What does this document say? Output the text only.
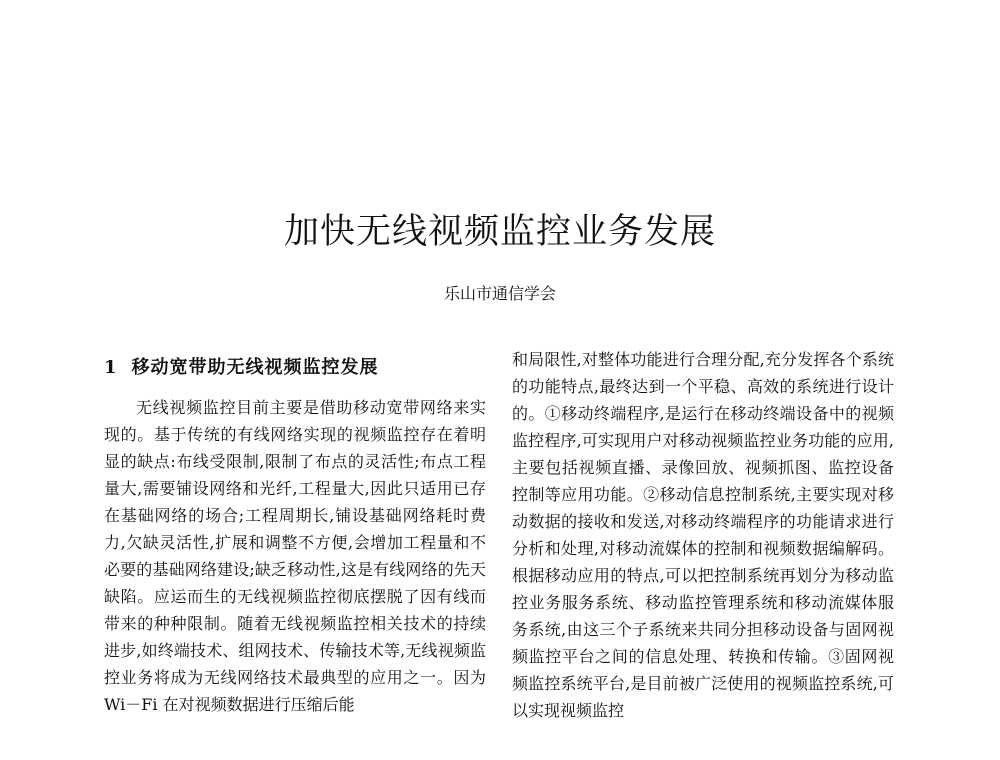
加快无线视频监控业务发展
乐山市通信学会
1 移动宽带助无线视频监控发展

无线视频监控目前主要是借助移动宽带网络来实现的。基于传统的有线网络实现的视频监控存在着明显的缺点:布线受限制,限制了布点的灵活性;布点工程量大,需要铺设网络和光纤,工程量大,因此只适用已存在基础网络的场合;工程周期长,铺设基础网络耗时费力,欠缺灵活性,扩展和调整不方便,会增加工程量和不必要的基础网络建设;缺乏移动性,这是有线网络的先天缺陷。应运而生的无线视频监控彻底摆脱了因有线而带来的种种限制。随着无线视频监控相关技术的持续进步,如终端技术、组网技术、传输技术等,无线视频监控业务将成为无线网络技术最典型的应用之一。因为 Wi－Fi 在对视频数据进行压缩后能

和局限性,对整体功能进行合理分配,充分发挥各个系统的功能特点,最终达到一个平稳、高效的系统进行设计的。①移动终端程序,是运行在移动终端设备中的视频监控程序,可实现用户对移动视频监控业务功能的应用,主要包括视频直播、录像回放、视频抓图、监控设备控制等应用功能。②移动信息控制系统,主要实现对移动数据的接收和发送,对移动终端程序的功能请求进行分析和处理,对移动流媒体的控制和视频数据编解码。根据移动应用的特点,可以把控制系统再划分为移动监控业务服务系统、移动监控管理系统和移动流媒体服务系统,由这三个子系统来共同分担移动设备与固网视频监控平台之间的信息处理、转换和传输。③固网视频监控系统平台,是目前被广泛使用的视频监控系统,可以实现视频监控
